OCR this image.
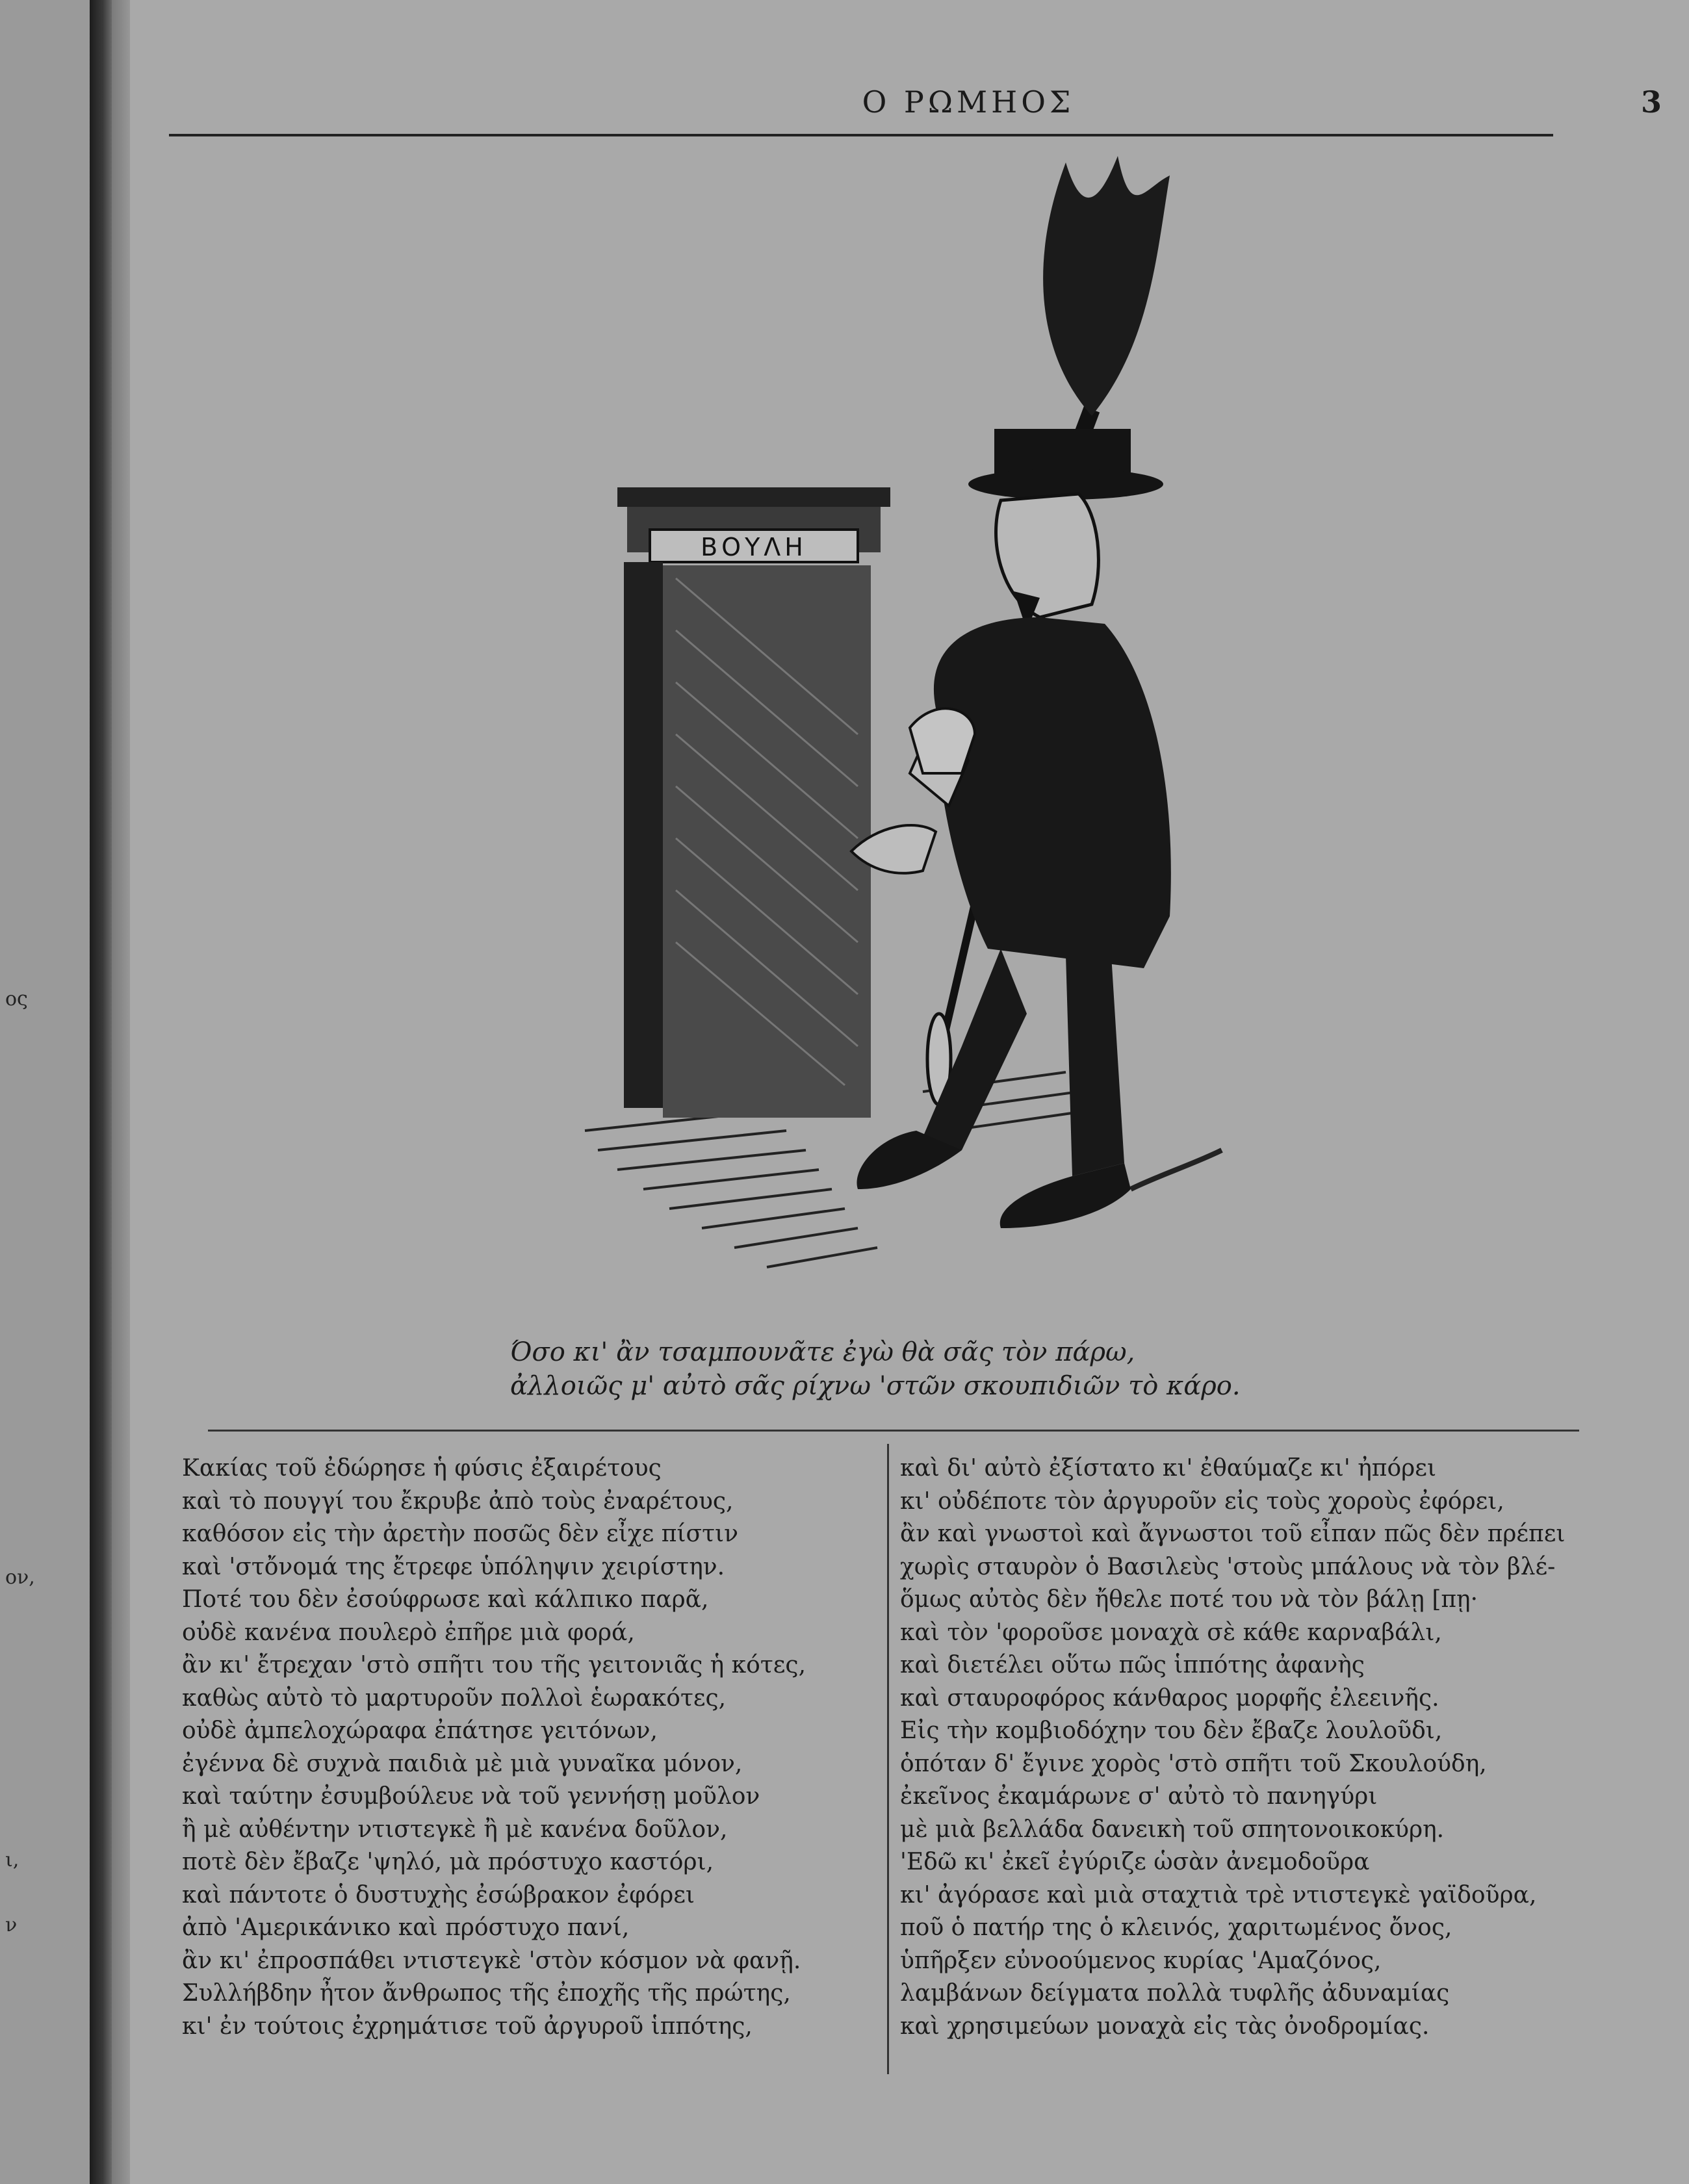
ος
ον,
ι,
ν
Ο ΡΩΜΗΟΣ	3
ΒΟΥΛΗ
Όσο κι' ἂν τσαμπουνᾶτε ἐγὼ θὰ σᾶς τὸν πάρω,
ἀλλοιῶς μ' αὐτὸ σᾶς ρίχνω 'στῶν σκουπιδιῶν τὸ κάρο.
Κακίας τοῦ ἐδώρησε ἡ φύσις ἐξαιρέτους
καὶ τὸ πουγγί του ἔκρυβε ἀπὸ τοὺς ἐναρέτους,
καθόσον εἰς τὴν ἀρετὴν ποσῶς δὲν εἶχε πίστιν
καὶ 'στὄνομά της ἔτρεφε ὑπόληψιν χειρίστην.
Ποτέ του δὲν ἐσούφρωσε καὶ κάλπικο παρᾶ,
οὐδὲ κανένα πουλερὸ ἐπῆρε μιὰ φορά,
ἂν κι' ἔτρεχαν 'στὸ σπῆτι του τῆς γειτονιᾶς ἡ κότες,
καθὼς αὐτὸ τὸ μαρτυροῦν πολλοὶ ἑωρακότες,
οὐδὲ ἀμπελοχώραφα ἐπάτησε γειτόνων,
ἐγέννα δὲ συχνὰ παιδιὰ μὲ μιὰ γυναῖκα μόνον,
καὶ ταύτην ἐσυμβούλευε νὰ τοῦ γεννήσῃ μοῦλον
ἢ μὲ αὐθέντην ντιστεγκὲ ἢ μὲ κανένα δοῦλον,
ποτὲ δὲν ἔβαζε 'ψηλό, μὰ πρόστυχο καστόρι,
καὶ πάντοτε ὁ δυστυχὴς ἐσώβρακον ἐφόρει
ἀπὸ 'Αμερικάνικο καὶ πρόστυχο πανί,
ἂν κι' ἐπροσπάθει ντιστεγκὲ 'στὸν κόσμον νὰ φανῇ.
Συλλήβδην ἦτον ἄνθρωπος τῆς ἐποχῆς τῆς πρώτης,
κι' ἐν τούτοις ἐχρημάτισε τοῦ ἀργυροῦ ἱππότης,
καὶ δι' αὐτὸ ἐξίστατο κι' ἐθαύμαζε κι' ἠπόρει
κι' οὐδέποτε τὸν ἀργυροῦν εἰς τοὺς χοροὺς ἐφόρει,
ἂν καὶ γνωστοὶ καὶ ἄγνωστοι τοῦ εἶπαν πῶς δὲν πρέπει
χωρὶς σταυρὸν ὁ Βασιλεὺς 'στοὺς μπάλους νὰ τὸν βλέ-
ὅμως αὐτὸς δὲν ἤθελε ποτέ του νὰ τὸν βάλῃ [πῃ·
καὶ τὸν 'φοροῦσε μοναχὰ σὲ κάθε καρναβάλι,
καὶ διετέλει οὕτω πῶς ἱππότης ἀφανὴς
καὶ σταυροφόρος κάνθαρος μορφῆς ἐλεεινῆς.
Εἰς τὴν κομβιοδόχην του δὲν ἔβαζε λουλοῦδι,
ὁπόταν δ' ἔγινε χορὸς 'στὸ σπῆτι τοῦ Σκουλούδη,
ἐκεῖνος ἐκαμάρωνε σ' αὐτὸ τὸ πανηγύρι
μὲ μιὰ βελλάδα δανεικὴ τοῦ σπητονοικοκύρη.
'Εδῶ κι' ἐκεῖ ἐγύριζε ὡσὰν ἀνεμοδοῦρα
κι' ἀγόρασε καὶ μιὰ σταχτιὰ τρὲ ντιστεγκὲ γαϊδοῦρα,
ποῦ ὁ πατήρ της ὁ κλεινός, χαριτωμένος ὄνος,
ὑπῆρξεν εὐνοούμενος κυρίας 'Αμαζόνος,
λαμβάνων δείγματα πολλὰ τυφλῆς ἀδυναμίας
καὶ χρησιμεύων μοναχὰ εἰς τὰς ὀνοδρομίας.
